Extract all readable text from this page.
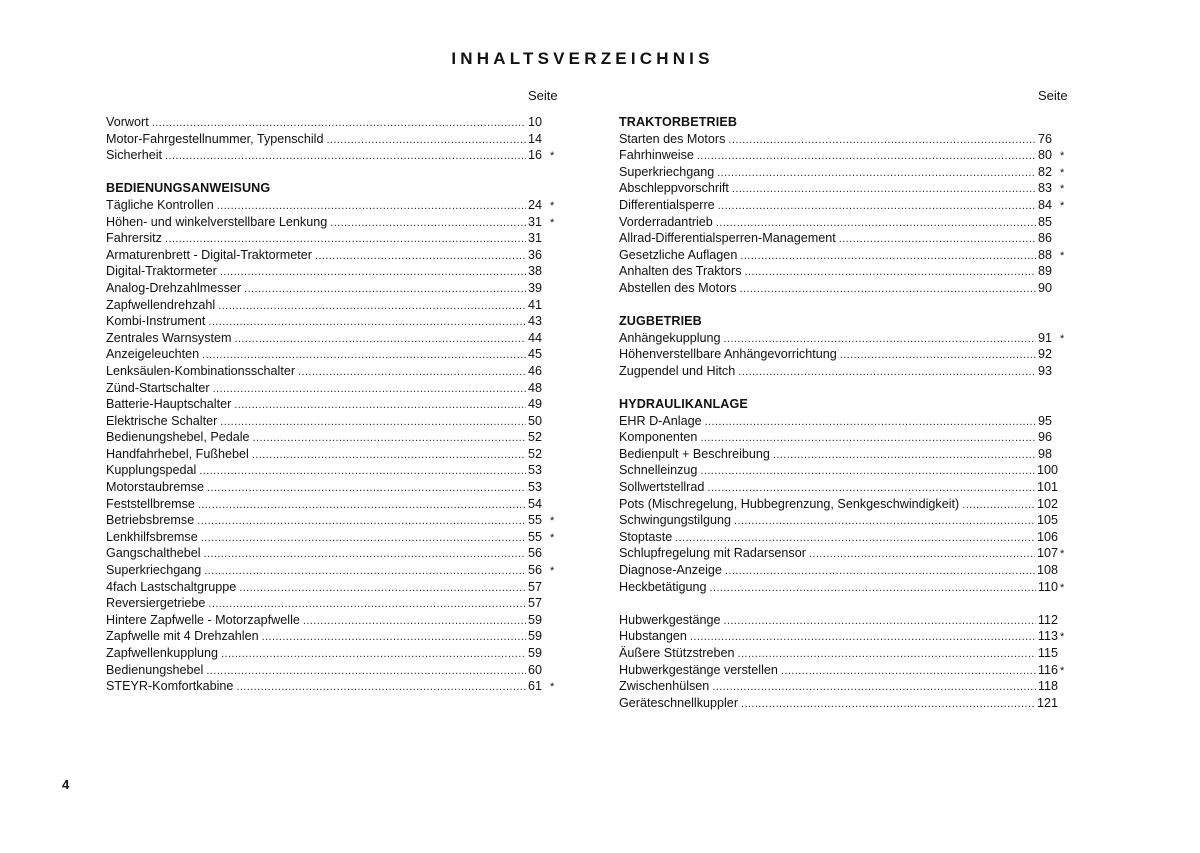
INHALTSVERZEICHNIS
Seite
Vorwort .....	10
Motor-Fahrgestellnummer, Typenschild .....	14
Sicherheit .....	16 *
BEDIENUNGSANWEISUNG
Tägliche Kontrollen .....	24 *
Höhen- und winkelverstellbare Lenkung .....	31 *
Fahrersitz .....	31
Armaturenbrett - Digital-Traktormeter .....	36
Digital-Traktormeter .....	38
Analog-Drehzahlmesser .....	39
Zapfwellendrehzahl .....	41
Kombi-Instrument .....	43
Zentrales Warnsystem .....	44
Anzeigeleuchten .....	45
Lenksäulen-Kombinationsschalter .....	46
Zünd-Startschalter .....	48
Batterie-Hauptschalter .....	49
Elektrische Schalter .....	50
Bedienungshebel, Pedale .....	52
Handfahrhebel, Fußhebel .....	52
Kupplungspedal .....	53
Motorstaubremse .....	53
Feststellbremse .....	54
Betriebsbremse .....	55 *
Lenkhilfsbremse .....	55 *
Gangschalthebel .....	56
Superkriechgang .....	56 *
4fach Lastschaltgruppe .....	57
Reversiergetriebe .....	57
Hintere Zapfwelle - Motorzapfwelle .....	59
Zapfwelle mit 4 Drehzahlen .....	59
Zapfwellenkupplung .....	59
Bedienungshebel .....	60
STEYR-Komfortkabine .....	61 *
Seite
TRAKTORBETRIEB
Starten des Motors .....	76
Fahrhinweise .....	80 *
Superkriechgang .....	82 *
Abschleppvorschrift .....	83 *
Differentialsperre .....	84 *
Vorderradantrieb .....	85
Allrad-Differentialsperren-Management .....	86
Gesetzliche Auflagen .....	88 *
Anhalten des Traktors .....	89
Abstellen des Motors .....	90
ZUGBETRIEB
Anhängekupplung .....	91 *
Höhenverstellbare Anhängevorrichtung .....	92
Zugpendel und Hitch .....	93
HYDRAULIKANLAGE
EHR D-Anlage .....	95
Komponenten .....	96
Bedienpult + Beschreibung .....	98
Schnelleinzug .....	100
Sollwertstellrad .....	101
Pots (Mischregelung, Hubbegrenzung, Senkgeschwindigkeit) .....	102
Schwingungstilgung .....	105
Stoptaste .....	106
Schlupfregelung mit Radarsensor .....	107 *
Diagnose-Anzeige .....	108
Heckbetätigung .....	110 *
Hubwerkgestänge .....	112
Hubstangen .....	113 *
Äußere Stützstreben .....	115
Hubwerkgestänge verstellen .....	116 *
Zwischenhülsen .....	118
Geräteschnellkuppler .....	121
4
